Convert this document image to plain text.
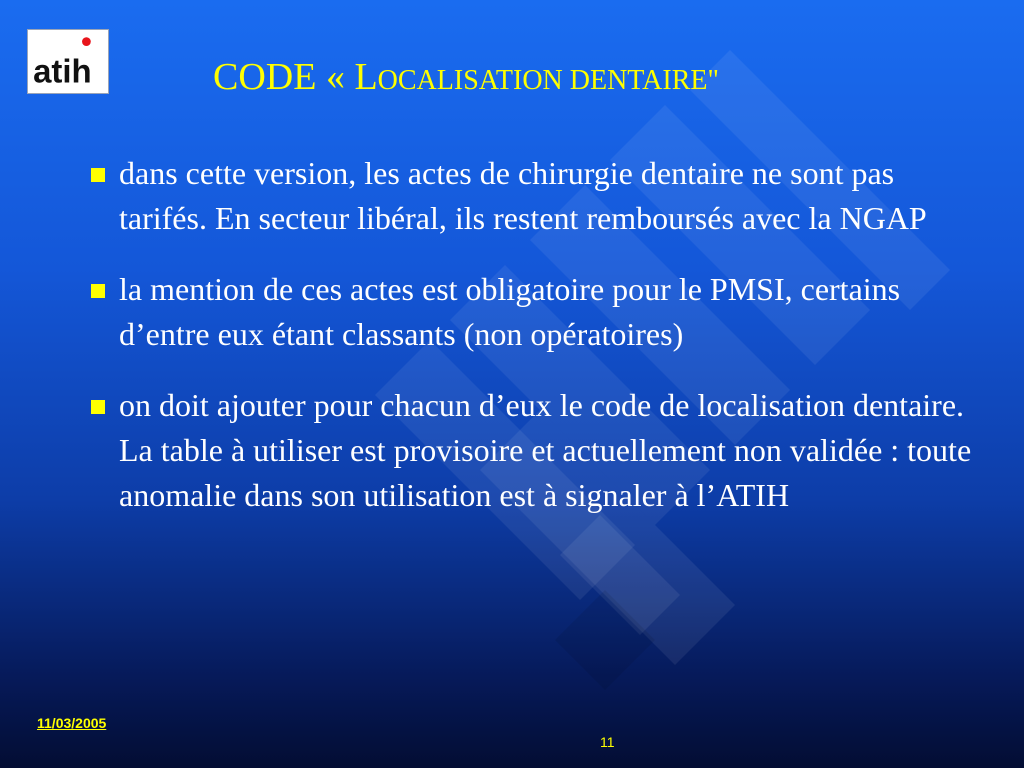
atih	CODE « LOCALISATION DENTAIRE"
dans cette version, les actes de chirurgie dentaire ne sont pas tarifés. En secteur libéral, ils restent remboursés avec la NGAP
la mention de ces actes est obligatoire pour le PMSI, certains d’entre eux étant classants (non opératoires)
on doit ajouter pour chacun d’eux le code de localisation dentaire. La table à utiliser est provisoire et actuellement non validée : toute anomalie dans son utilisation est à signaler à l’ATIH
11/03/2005
11
